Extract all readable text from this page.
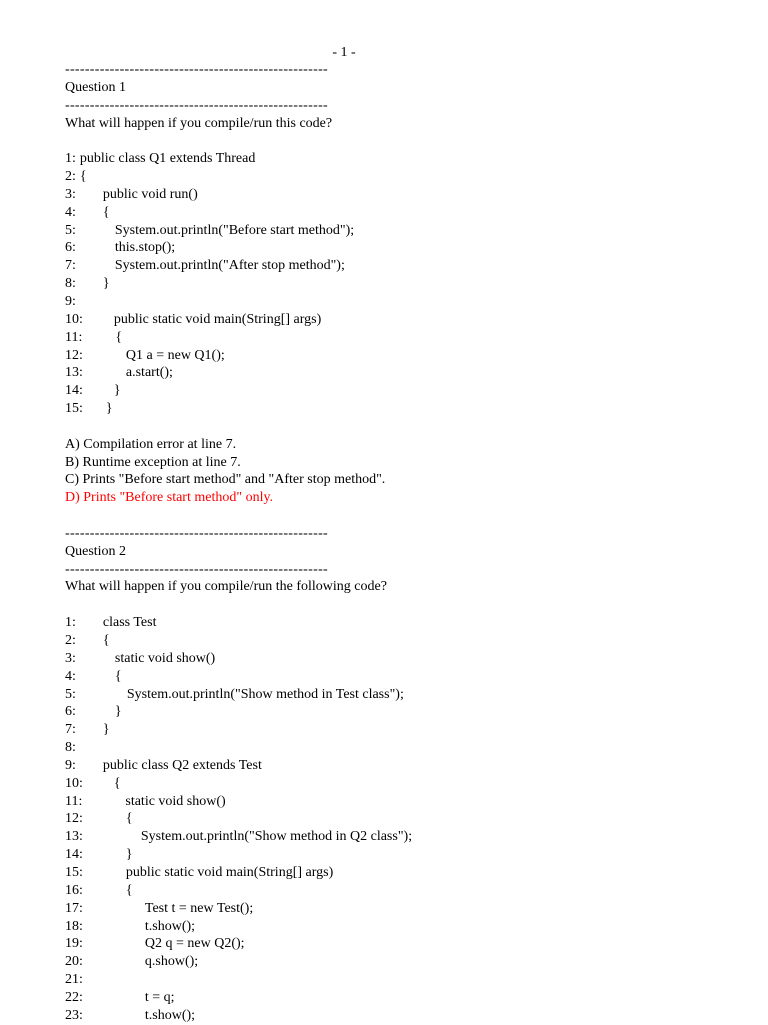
- 1 -
-----------------------------------------------------
Question 1
-----------------------------------------------------
What will happen if you compile/run this code?
1: public class Q1 extends Thread
2: {
3: public void run()
4: {
5:	System.out.println("Before start method");
6:	this.stop();
7:	System.out.println("After stop method");
8: }
9:
10: public static void main(String[] args)
11: {
12:	Q1 a = new Q1();
13:	a.start();
14: }
15: }
A) Compilation error at line 7.
B) Runtime exception at line 7.
C) Prints "Before start method" and "After stop method".
D) Prints "Before start method" only.
-----------------------------------------------------
Question 2
-----------------------------------------------------
What will happen if you compile/run the following code?
1: class Test
2: {
3:	static void show()
4:	{
5:	System.out.println("Show method in Test class");
6:	}
7: }
8:
9: public class Q2 extends Test
10: {
11:	static void show()
12:	{
13:	System.out.println("Show method in Q2 class");
14:	}
15:	public static void main(String[] args)
16:	{
17:	Test t = new Test();
18:	t.show();
19:	Q2 q = new Q2();
20:	q.show();
21:
22:	t = q;
23:	t.show();
